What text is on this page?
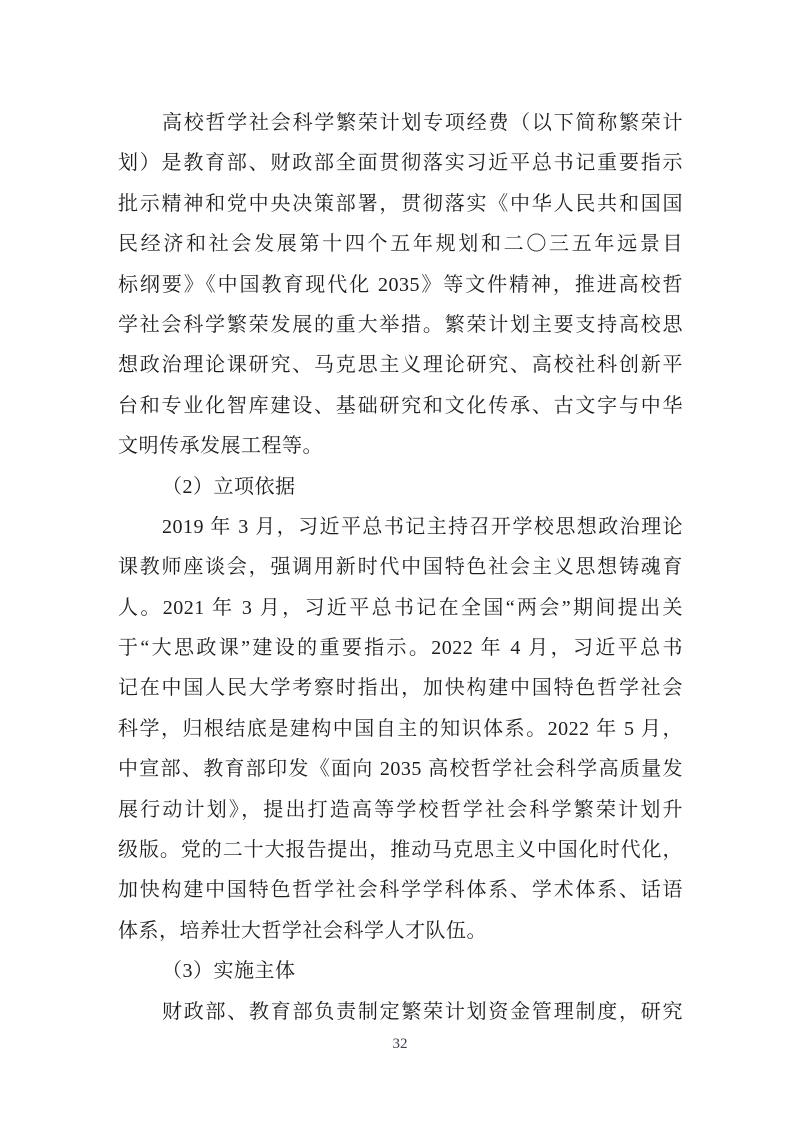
高校哲学社会科学繁荣计划专项经费（以下简称繁荣计
划）是教育部、财政部全面贯彻落实习近平总书记重要指示
批示精神和党中央决策部署，贯彻落实《中华人民共和国国
民经济和社会发展第十四个五年规划和二〇三五年远景目
标纲要》《中国教育现代化 2035》等文件精神，推进高校哲
学社会科学繁荣发展的重大举措。繁荣计划主要支持高校思
想政治理论课研究、马克思主义理论研究、高校社科创新平
台和专业化智库建设、基础研究和文化传承、古文字与中华
文明传承发展工程等。
（2）立项依据
2019 年 3 月，习近平总书记主持召开学校思想政治理论
课教师座谈会，强调用新时代中国特色社会主义思想铸魂育
人。2021 年 3 月，习近平总书记在全国“两会”期间提出关
于“大思政课”建设的重要指示。2022 年 4 月，习近平总书
记在中国人民大学考察时指出，加快构建中国特色哲学社会
科学，归根结底是建构中国自主的知识体系。2022 年 5 月，
中宣部、教育部印发《面向 2035 高校哲学社会科学高质量发
展行动计划》，提出打造高等学校哲学社会科学繁荣计划升
级版。党的二十大报告提出，推动马克思主义中国化时代化，
加快构建中国特色哲学社会科学学科体系、学术体系、话语
体系，培养壮大哲学社会科学人才队伍。
（3）实施主体
财政部、教育部负责制定繁荣计划资金管理制度，研究
32
